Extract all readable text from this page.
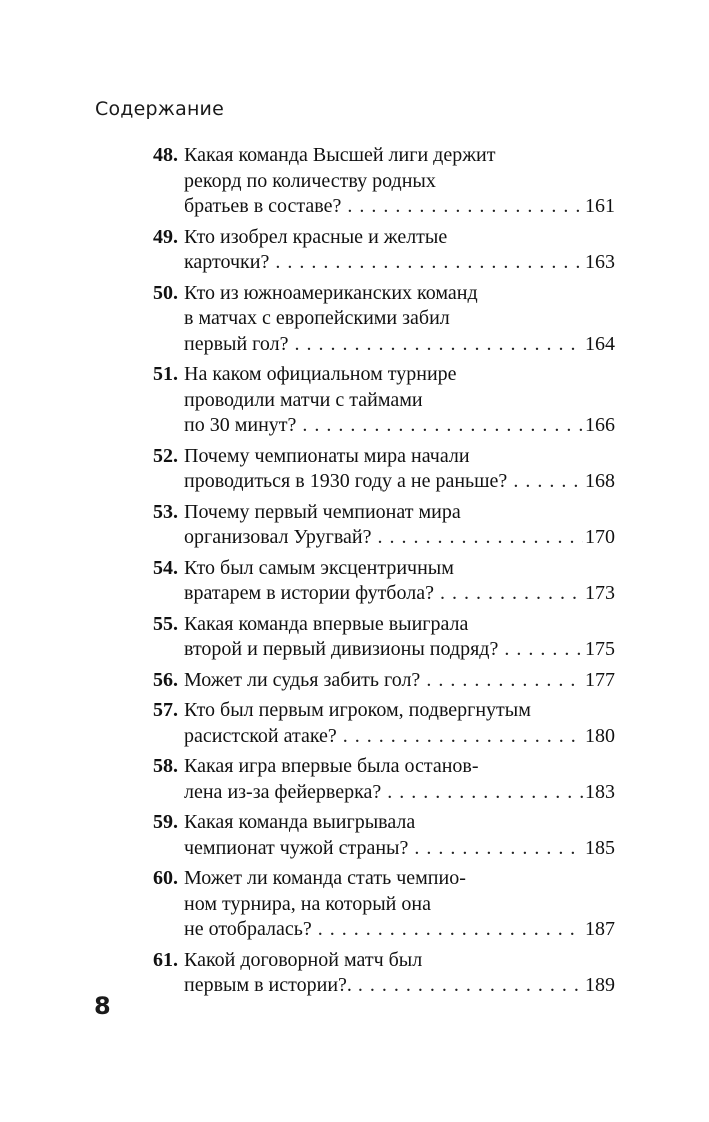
Содержание
48. Какая команда Высшей лиги держит
рекорд по количеству родных
братьев в составе? . . .	161
49. Кто изобрел красные и желтые
карточки? . . .	163
50. Кто из южноамериканских команд
в матчах с европейскими забил
первый гол? . . .	164
51. На каком официальном турнире
проводили матчи с таймами
по 30 минут? . . .	166
52. Почему чемпионаты мира начали
проводиться в 1930 году а не раньше? . . .	168
53. Почему первый чемпионат мира
организовал Уругвай? . . .	170
54. Кто был самым эксцентричным
вратарем в истории футбола? . . .	173
55. Какая команда впервые выиграла
второй и первый дивизионы подряд? . . .	175
56. Может ли судья забить гол? . . .	177
57. Кто был первым игроком, подвергнутым
расистской атаке? . . .	180
58. Какая игра впервые была останов-
лена из-за фейерверка? . . .	183
59. Какая команда выигрывала
чемпионат чужой страны? . . .	185
60. Может ли команда стать чемпио-
ном турнира, на который она
не отобралась? . . .	187
61. Какой договорной матч был
первым в истории?. . . .	189
8
